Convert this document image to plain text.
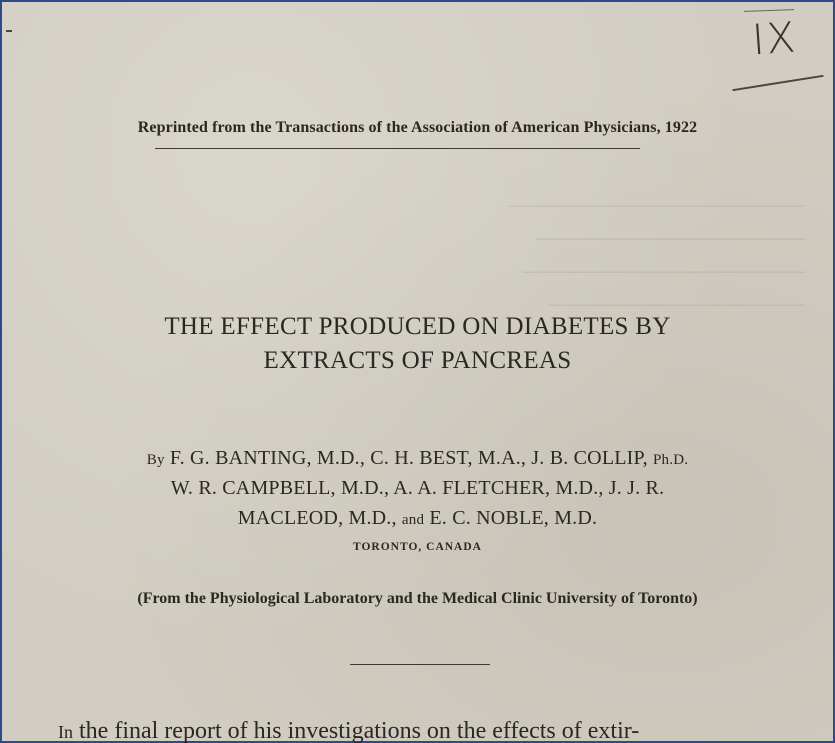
──────────────────────
────────────────────
─────────────────────
───────────────────
IX
Reprinted from the Transactions of the Association of American Physicians, 1922
THE EFFECT PRODUCED ON DIABETES BY
EXTRACTS OF PANCREAS
By F. G. BANTING, M.D., C. H. BEST, M.A., J. B. COLLIP, Ph.D.
W. R. CAMPBELL, M.D., A. A. FLETCHER, M.D., J. J. R.
MACLEOD, M.D., and E. C. NOBLE, M.D.
TORONTO, CANADA
(From the Physiological Laboratory and the Medical Clinic University of Toronto)
In the final report of his investigations on the effects of extir-
